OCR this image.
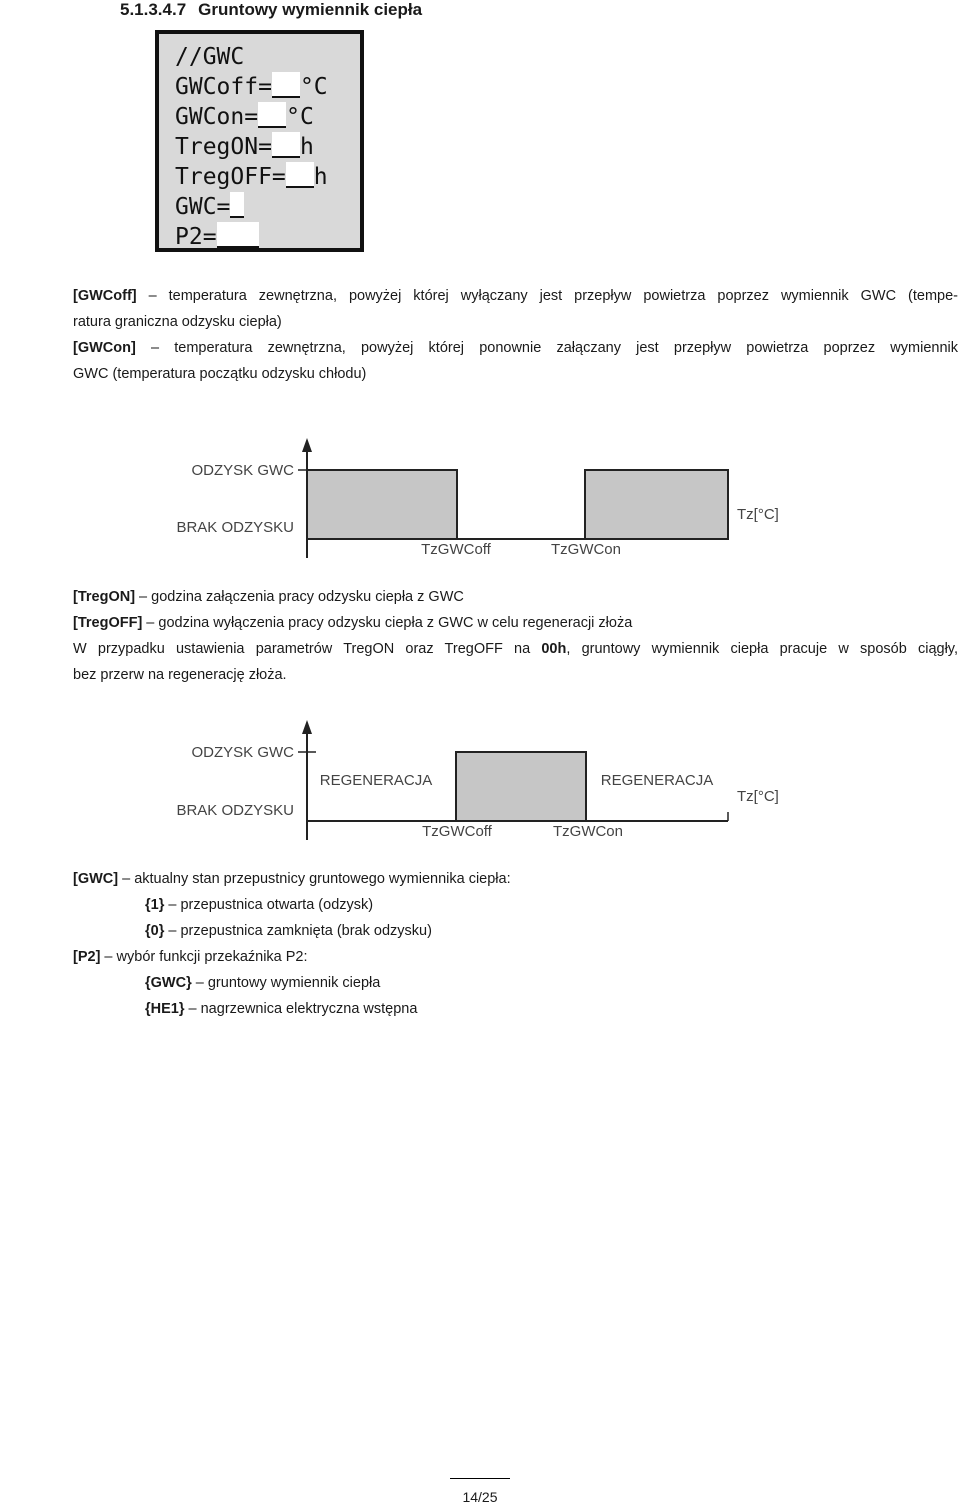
5.1.3.4.7 Gruntowy wymiennik ciepła
//GWC
GWCoff= °C
GWCon= °C
TregON= h
TregOFF= h
GWC=
P2=
[GWCoff] – temperatura zewnętrzna, powyżej której wyłączany jest przepływ powietrza poprzez wymiennik GWC (tempe-
ratura graniczna odzysku ciepła)
[GWCon] – temperatura zewnętrzna, powyżej której ponownie załączany jest przepływ powietrza poprzez wymiennik
GWC (temperatura początku odzysku chłodu)
ODZYSK GWC
BRAK ODZYSKU
TzGWCoff	TzGWCon
Tz[°C]
[TregON] – godzina załączenia pracy odzysku ciepła z GWC
[TregOFF] – godzina wyłączenia pracy odzysku ciepła z GWC w celu regeneracji złoża
W przypadku ustawienia parametrów TregON oraz TregOFF na 00h, gruntowy wymiennik ciepła pracuje w sposób ciągły,
bez przerw na regenerację złoża.
ODZYSK GWC
BRAK ODZYSKU
REGENERACJA	REGENERACJA
TzGWCoff	TzGWCon
Tz[°C]
[GWC] – aktualny stan przepustnicy gruntowego wymiennika ciepła:
{1} – przepustnica otwarta (odzysk)
{0} – przepustnica zamknięta (brak odzysku)
[P2] – wybór funkcji przekaźnika P2:
{GWC} – gruntowy wymiennik ciepła
{HE1} – nagrzewnica elektryczna wstępna
14/25
